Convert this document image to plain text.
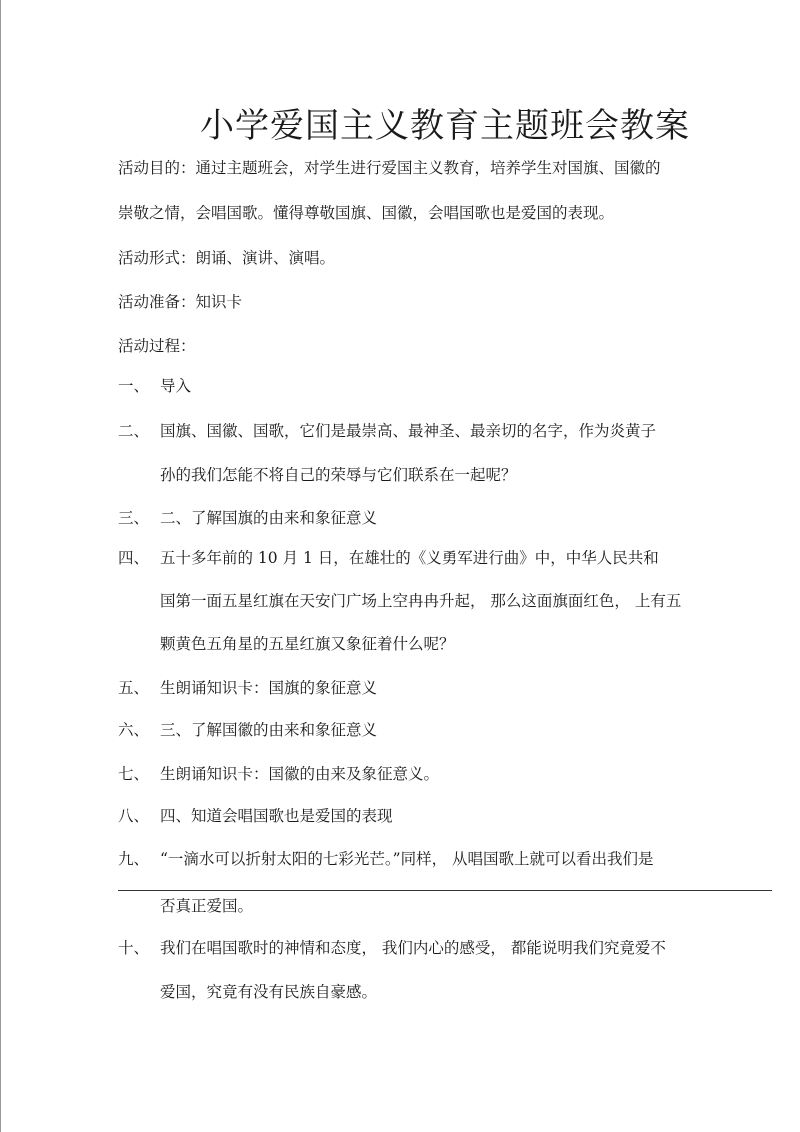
小学爱国主义教育主题班会教案
活动目的：通过主题班会，对学生进行爱国主义教育，培养学生对国旗、国徽的
崇敬之情，会唱国歌。懂得尊敬国旗、国徽，会唱国歌也是爱国的表现。
活动形式：朗诵、演讲、演唱。
活动准备：知识卡
活动过程：
一、 导入
二、 国旗、国徽、国歌，它们是最崇高、最神圣、最亲切的名字，作为炎黄子
孙的我们怎能不将自己的荣辱与它们联系在一起呢？
三、 二、了解国旗的由来和象征意义
四、 五十多年前的 10 月 1 日，在雄壮的《义勇军进行曲》中，中华人民共和
国第一面五星红旗在天安门广场上空冉冉升起， 那么这面旗面红色， 上有五
颗黄色五角星的五星红旗又象征着什么呢？
五、 生朗诵知识卡：国旗的象征意义
六、 三、了解国徽的由来和象征意义
七、 生朗诵知识卡：国徽的由来及象征意义。
八、 四、知道会唱国歌也是爱国的表现
九、 “一滴水可以折射太阳的七彩光芒。”同样， 从唱国歌上就可以看出我们是
否真正爱国。
十、 我们在唱国歌时的神情和态度， 我们内心的感受， 都能说明我们究竟爱不
爱国，究竟有没有民族自豪感。
